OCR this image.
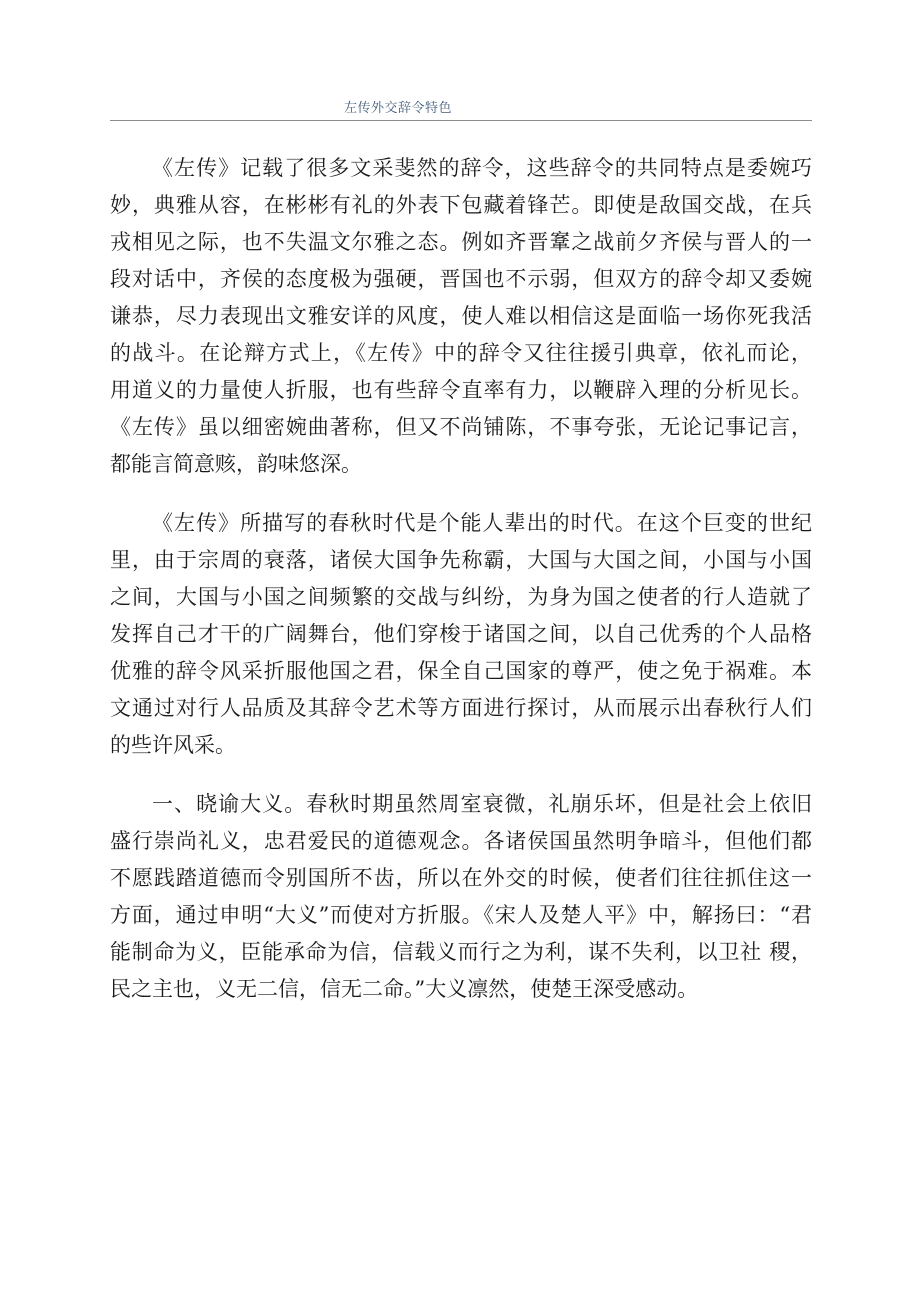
左传外交辞令特色
《左传》记载了很多文采斐然的辞令，这些辞令的共同特点是委婉巧
妙，典雅从容，在彬彬有礼的外表下包藏着锋芒。即使是敌国交战，在兵
戎相见之际，也不失温文尔雅之态。例如齐晋鞌之战前夕齐侯与晋人的一
段对话中，齐侯的态度极为强硬，晋国也不示弱，但双方的辞令却又委婉
谦恭，尽力表现出文雅安详的风度，使人难以相信这是面临一场你死我活
的战斗。在论辩方式上，《左传》中的辞令又往往援引典章，依礼而论，
用道义的力量使人折服，也有些辞令直率有力，以鞭辟入理的分析见长。
《左传》虽以细密婉曲著称，但又不尚铺陈，不事夸张，无论记事记言，
都能言简意赅，韵味悠深。
《左传》所描写的春秋时代是个能人辈出的时代。在这个巨变的世纪
里，由于宗周的衰落，诸侯大国争先称霸，大国与大国之间，小国与小国
之间，大国与小国之间频繁的交战与纠纷，为身为国之使者的行人造就了
发挥自己才干的广阔舞台，他们穿梭于诸国之间，以自己优秀的个人品格
优雅的辞令风采折服他国之君，保全自己国家的尊严，使之免于祸难。本
文通过对行人品质及其辞令艺术等方面进行探讨，从而展示出春秋行人们
的些许风采。
一、晓谕大义。春秋时期虽然周室衰微，礼崩乐坏，但是社会上依旧
盛行崇尚礼义，忠君爱民的道德观念。各诸侯国虽然明争暗斗，但他们都
不愿践踏道德而令别国所不齿，所以在外交的时候，使者们往往抓住这一
方面，通过申明“大义”而使对方折服。《宋人及楚人平》中，解扬曰：“君
能制命为义，臣能承命为信，信载义而行之为利，谋不失利，以卫社 稷，
民之主也，义无二信，信无二命。”大义凛然，使楚王深受感动。
